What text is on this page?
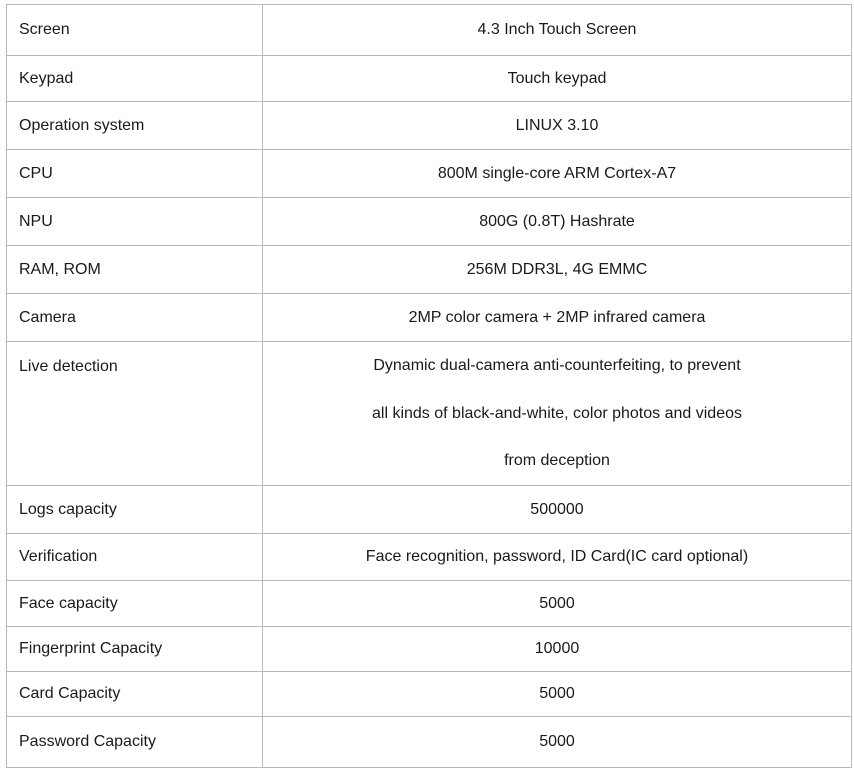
Screen	4.3 Inch Touch Screen
Keypad	Touch keypad
Operation system	LINUX 3.10
CPU	800M single-core ARM Cortex-A7
NPU	800G (0.8T) Hashrate
RAM, ROM	256M DDR3L, 4G EMMC
Camera	2MP color camera + 2MP infrared camera
Live detection	Dynamic dual-camera anti-counterfeiting, to prevent
all kinds of black-and-white, color photos and videos
from deception

Logs capacity	500000
Verification	Face recognition, password, ID Card(IC card optional)
Face capacity	5000
Fingerprint Capacity	10000
Card Capacity	5000
Password Capacity	5000
